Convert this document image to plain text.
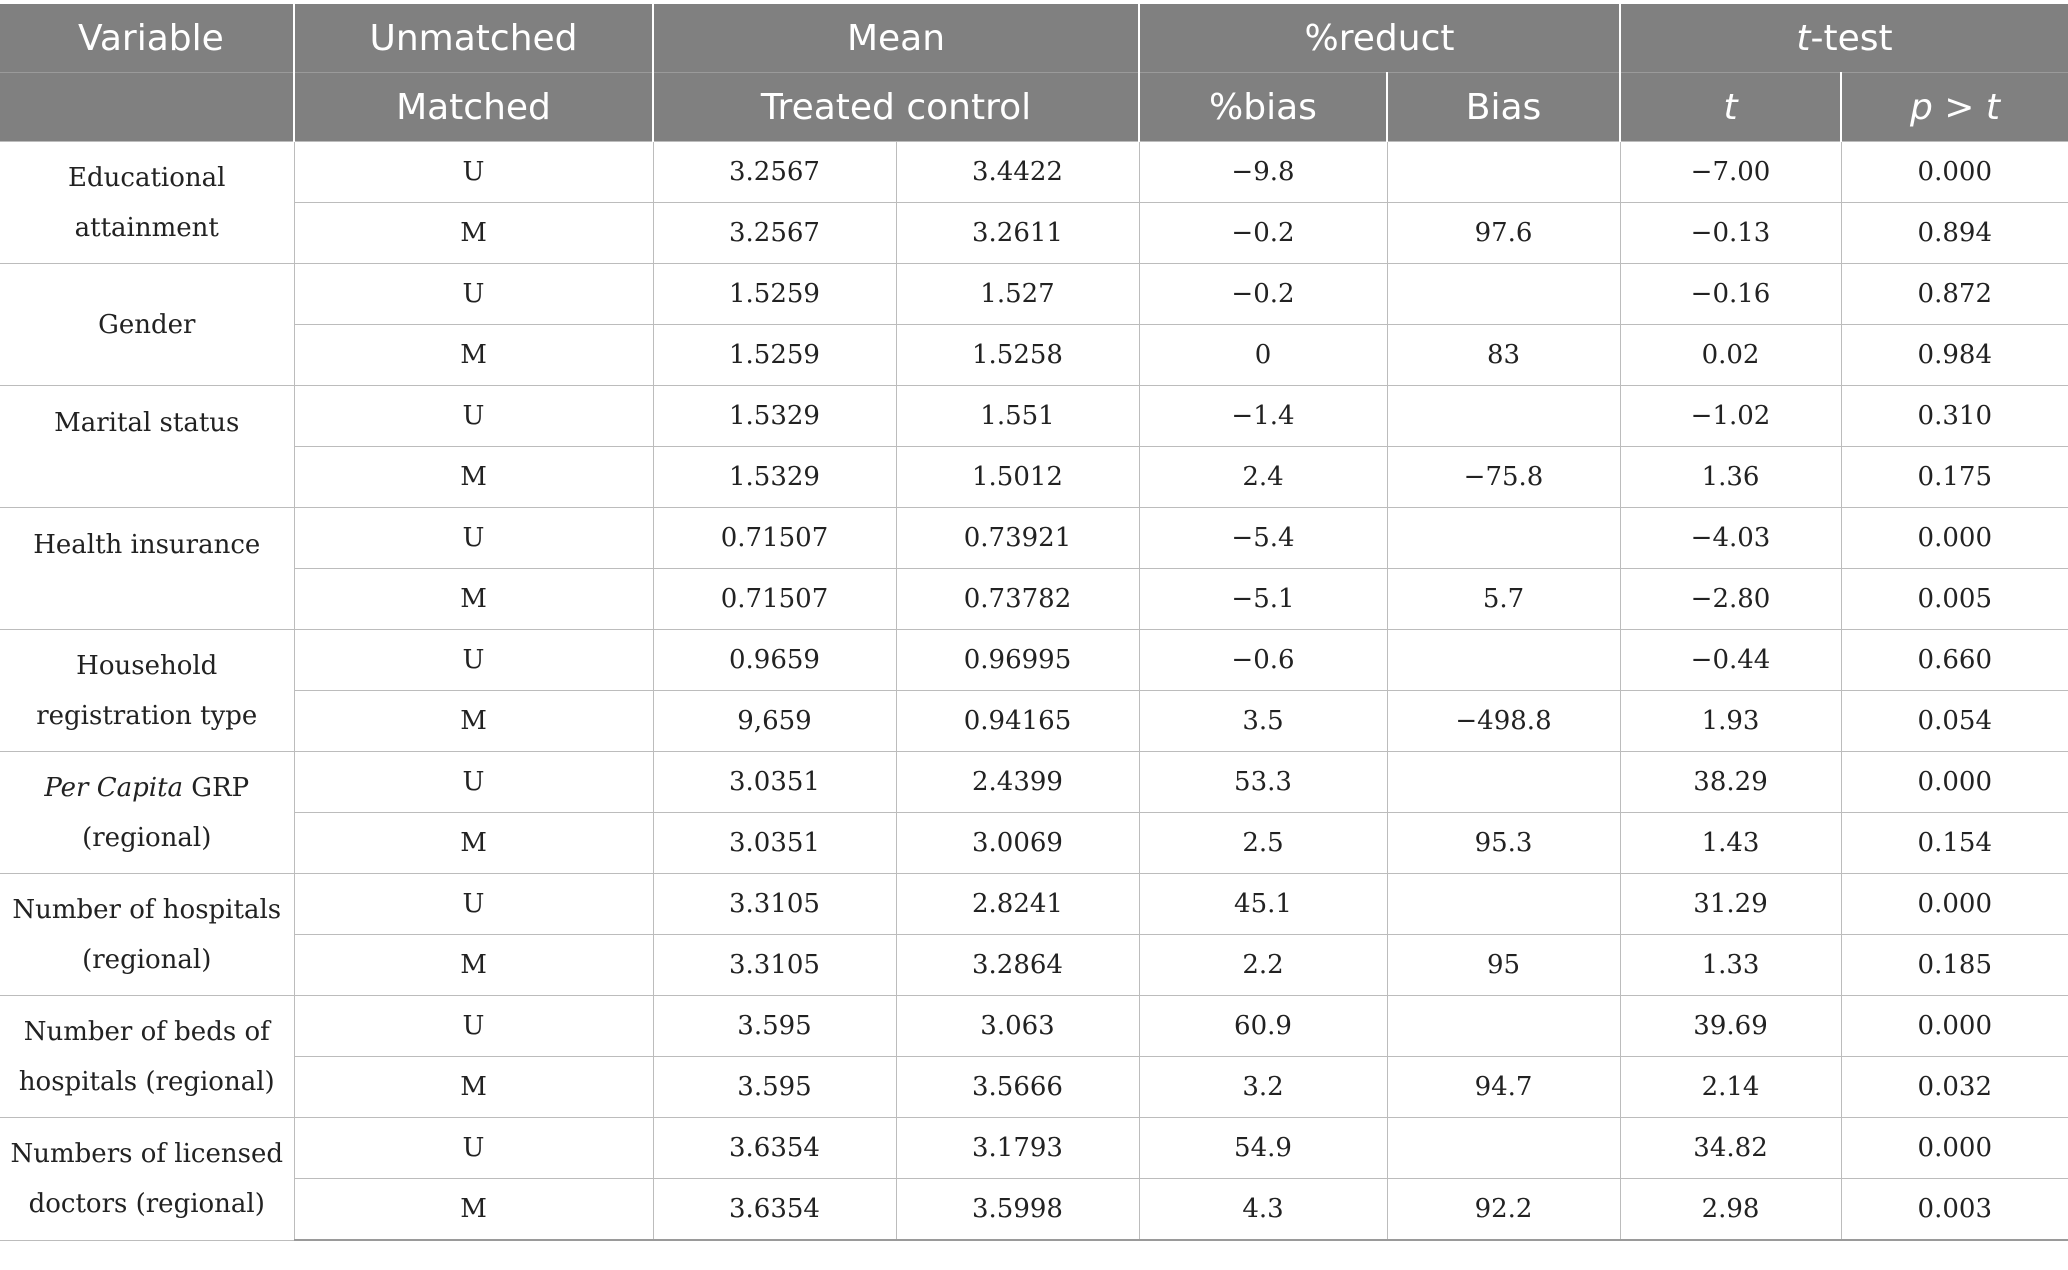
Variable	Unmatched	Mean		%reduct		t-test	
	Matched	Treated control		%bias	Bias	t	p > t
Educational
attainment	U	3.2567	3.4422	−9.8		−7.00	0.000
	M	3.2567	3.2611	−0.2	97.6	−0.13	0.894
Gender	U	1.5259	1.527	−0.2		−0.16	0.872
	M	1.5259	1.5258	0	83	0.02	0.984
Marital status	U	1.5329	1.551	−1.4		−1.02	0.310
	M	1.5329	1.5012	2.4	−75.8	1.36	0.175
Health insurance	U	0.71507	0.73921	−5.4		−4.03	0.000
	M	0.71507	0.73782	−5.1	5.7	−2.80	0.005
Household
registration type	U	0.9659	0.96995	−0.6		−0.44	0.660
	M	9,659	0.94165	3.5	−498.8	1.93	0.054
Per Capita GRP
(regional)	U	3.0351	2.4399	53.3		38.29	0.000
	M	3.0351	3.0069	2.5	95.3	1.43	0.154
Number of hospitals
(regional)	U	3.3105	2.8241	45.1		31.29	0.000
	M	3.3105	3.2864	2.2	95	1.33	0.185
Number of beds of
hospitals (regional)	U	3.595	3.063	60.9		39.69	0.000
	M	3.595	3.5666	3.2	94.7	2.14	0.032
Numbers of licensed
doctors (regional)	U	3.6354	3.1793	54.9		34.82	0.000
	M	3.6354	3.5998	4.3	92.2	2.98	0.003
